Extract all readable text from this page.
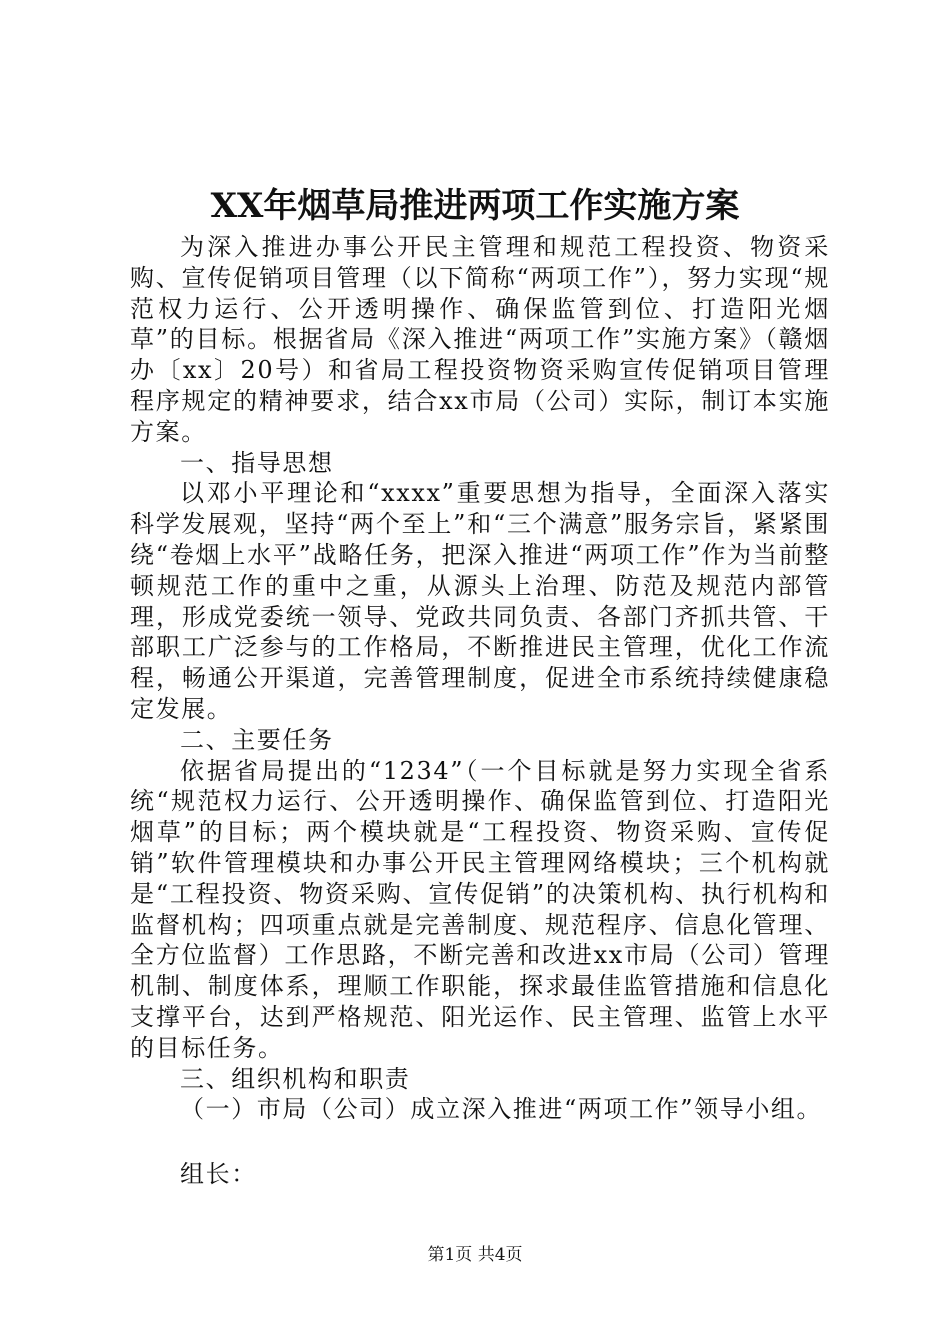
XX年烟草局推进两项工作实施方案

为深入推进办事公开民主管理和规范工程投资、物资采购、宣传促销项目管理（以下简称“两项工作”），努力实现“规范权力运行、公开透明操作、确保监管到位、打造阳光烟草”的目标。根据省局《深入推进“两项工作”实施方案》（赣烟办〔xx〕20号）和省局工程投资物资采购宣传促销项目管理程序规定的精神要求，结合xx市局（公司）实际，制订本实施方案。

一、指导思想

以邓小平理论和“xxxx”重要思想为指导，全面深入落实科学发展观，坚持“两个至上”和“三个满意”服务宗旨，紧紧围绕“卷烟上水平”战略任务，把深入推进“两项工作”作为当前整顿规范工作的重中之重，从源头上治理、防范及规范内部管理，形成党委统一领导、党政共同负责、各部门齐抓共管、干部职工广泛参与的工作格局，不断推进民主管理，优化工作流程，畅通公开渠道，完善管理制度，促进全市系统持续健康稳定发展。

二、主要任务

依据省局提出的“1234”（一个目标就是努力实现全省系统“规范权力运行、公开透明操作、确保监管到位、打造阳光烟草”的目标；两个模块就是“工程投资、物资采购、宣传促销”软件管理模块和办事公开民主管理网络模块；三个机构就是“工程投资、物资采购、宣传促销”的决策机构、执行机构和监督机构；四项重点就是完善制度、规范程序、信息化管理、全方位监督）工作思路，不断完善和改进xx市局（公司）管理机制、制度体系，理顺工作职能，探求最佳监管措施和信息化支撑平台，达到严格规范、阳光运作、民主管理、监管上水平的目标任务。

三、组织机构和职责

（一）市局（公司）成立深入推进“两项工作”领导小组。

组长：

第1页 共4页
